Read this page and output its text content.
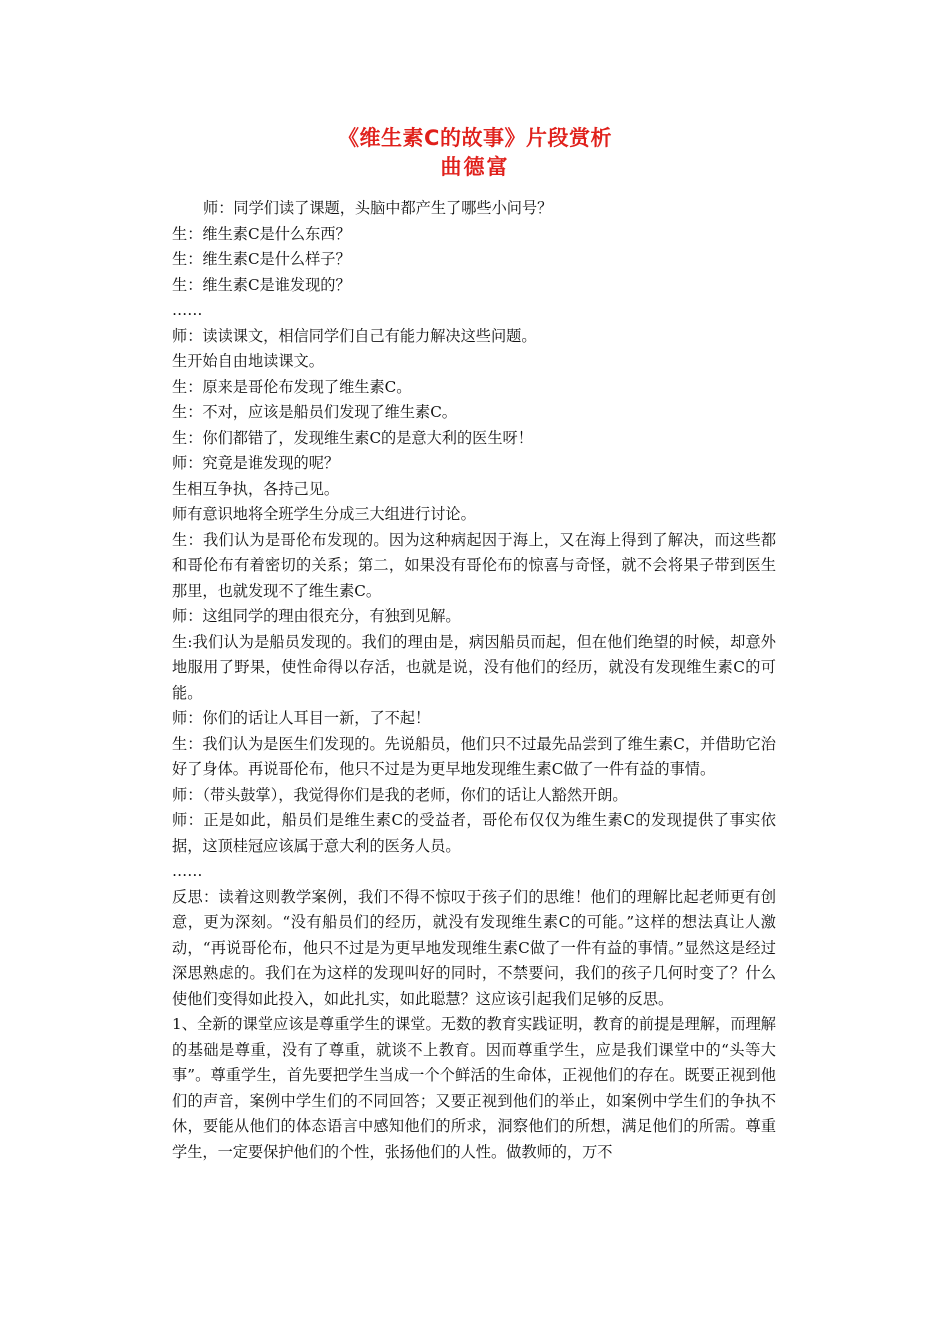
《维生素C的故事》片段赏析
曲德富

师：同学们读了课题，头脑中都产生了哪些小问号？

生：维生素C是什么东西？

生：维生素C是什么样子？

生：维生素C是谁发现的？

……

师：读读课文，相信同学们自己有能力解决这些问题。

生开始自由地读课文。

生：原来是哥伦布发现了维生素C。

生：不对，应该是船员们发现了维生素C。

生：你们都错了，发现维生素C的是意大利的医生呀！

师：究竟是谁发现的呢？

生相互争执，各持己见。

师有意识地将全班学生分成三大组进行讨论。

生：我们认为是哥伦布发现的。因为这种病起因于海上，又在海上得到了解决，而这些都和哥伦布有着密切的关系；第二，如果没有哥伦布的惊喜与奇怪，就不会将果子带到医生那里，也就发现不了维生素C。

师：这组同学的理由很充分，有独到见解。

生:我们认为是船员发现的。我们的理由是，病因船员而起，但在他们绝望的时候，却意外地服用了野果，使性命得以存活，也就是说，没有他们的经历，就没有发现维生素C的可能。

师：你们的话让人耳目一新，了不起！

生：我们认为是医生们发现的。先说船员，他们只不过最先品尝到了维生素C，并借助它治好了身体。再说哥伦布，他只不过是为更早地发现维生素C做了一件有益的事情。

师：（带头鼓掌），我觉得你们是我的老师，你们的话让人豁然开朗。

师：正是如此，船员们是维生素C的受益者，哥伦布仅仅为维生素C的发现提供了事实依据，这顶桂冠应该属于意大利的医务人员。

……

反思：读着这则教学案例，我们不得不惊叹于孩子们的思维！他们的理解比起老师更有创意，更为深刻。“没有船员们的经历，就没有发现维生素C的可能。”这样的想法真让人激动，“再说哥伦布，他只不过是为更早地发现维生素C做了一件有益的事情。”显然这是经过深思熟虑的。我们在为这样的发现叫好的同时，不禁要问，我们的孩子几何时变了？什么使他们变得如此投入，如此扎实，如此聪慧？这应该引起我们足够的反思。

1、全新的课堂应该是尊重学生的课堂。无数的教育实践证明，教育的前提是理解，而理解的基础是尊重，没有了尊重，就谈不上教育。因而尊重学生，应是我们课堂中的“头等大事”。尊重学生，首先要把学生当成一个个鲜活的生命体，正视他们的存在。既要正视到他们的声音，案例中学生们的不同回答；又要正视到他们的举止，如案例中学生们的争执不休，要能从他们的体态语言中感知他们的所求，洞察他们的所想，满足他们的所需。尊重学生，一定要保护他们的个性，张扬他们的人性。做教师的，万不
